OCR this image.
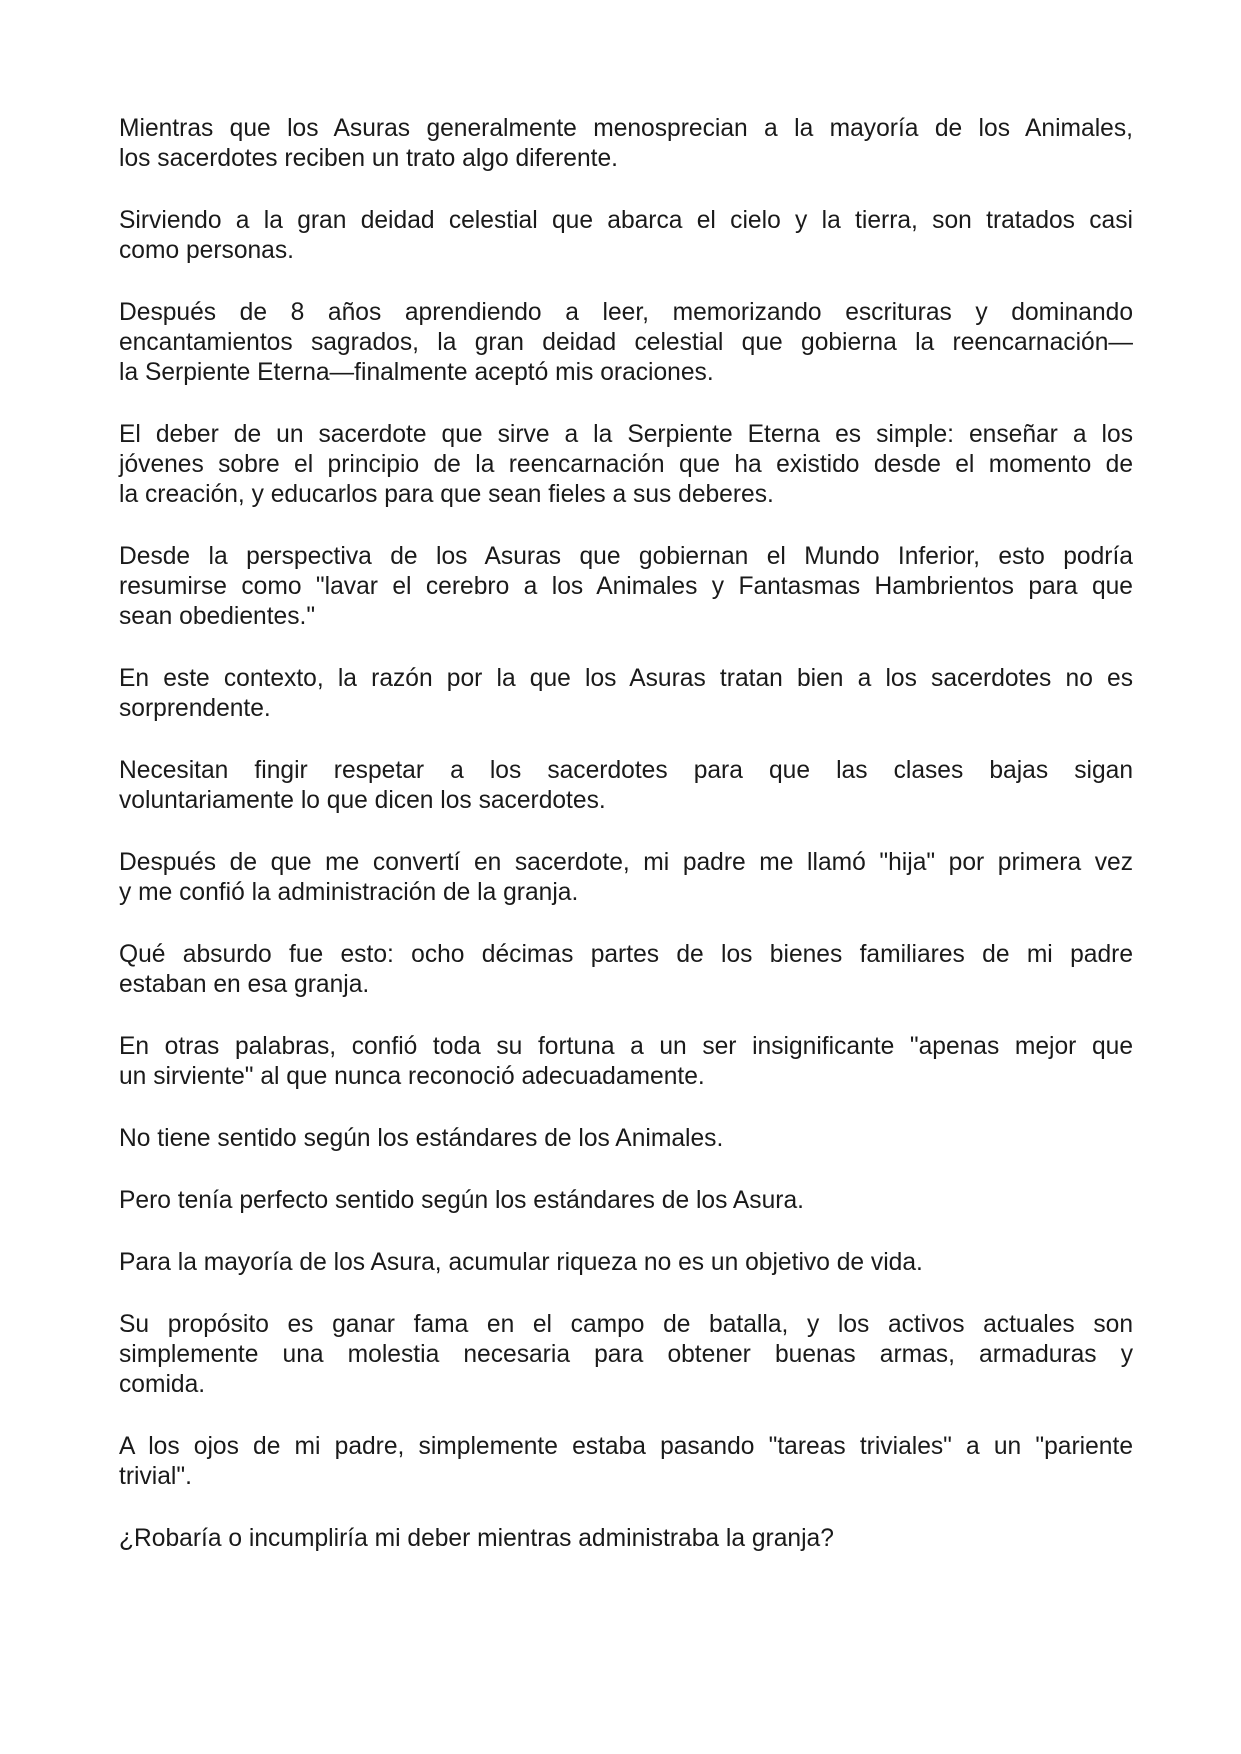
Mientras que los Asuras generalmente menosprecian a la mayoría de los Animales,
los sacerdotes reciben un trato algo diferente.
Sirviendo a la gran deidad celestial que abarca el cielo y la tierra, son tratados casi
como personas.
Después de 8 años aprendiendo a leer, memorizando escrituras y dominando
encantamientos sagrados, la gran deidad celestial que gobierna la reencarnación—
la Serpiente Eterna—finalmente aceptó mis oraciones.
El deber de un sacerdote que sirve a la Serpiente Eterna es simple: enseñar a los
jóvenes sobre el principio de la reencarnación que ha existido desde el momento de
la creación, y educarlos para que sean fieles a sus deberes.
Desde la perspectiva de los Asuras que gobiernan el Mundo Inferior, esto podría
resumirse como "lavar el cerebro a los Animales y Fantasmas Hambrientos para que
sean obedientes."
En este contexto, la razón por la que los Asuras tratan bien a los sacerdotes no es
sorprendente.
Necesitan fingir respetar a los sacerdotes para que las clases bajas sigan
voluntariamente lo que dicen los sacerdotes.
Después de que me convertí en sacerdote, mi padre me llamó "hija" por primera vez
y me confió la administración de la granja.
Qué absurdo fue esto: ocho décimas partes de los bienes familiares de mi padre
estaban en esa granja.
En otras palabras, confió toda su fortuna a un ser insignificante "apenas mejor que
un sirviente" al que nunca reconoció adecuadamente.
No tiene sentido según los estándares de los Animales.
Pero tenía perfecto sentido según los estándares de los Asura.
Para la mayoría de los Asura, acumular riqueza no es un objetivo de vida.
Su propósito es ganar fama en el campo de batalla, y los activos actuales son
simplemente una molestia necesaria para obtener buenas armas, armaduras y
comida.
A los ojos de mi padre, simplemente estaba pasando "tareas triviales" a un "pariente
trivial".
¿Robaría o incumpliría mi deber mientras administraba la granja?
